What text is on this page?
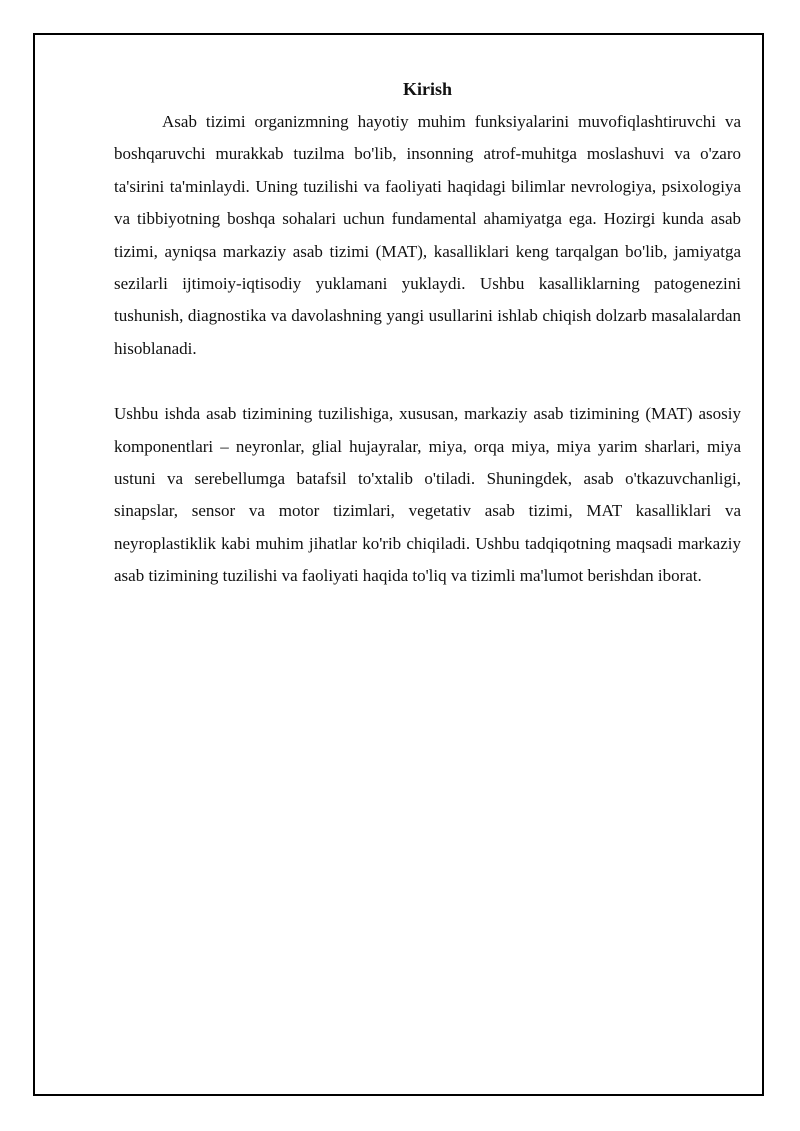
Kirish

Asab tizimi organizmning hayotiy muhim funksiyalarini muvofiqlashtiruvchi va boshqaruvchi murakkab tuzilma bo'lib, insonning atrof-muhitga moslashuvi va o'zaro ta'sirini ta'minlaydi. Uning tuzilishi va faoliyati haqidagi bilimlar nevrologiya, psixologiya va tibbiyotning boshqa sohalari uchun fundamental ahamiyatga ega. Hozirgi kunda asab tizimi, ayniqsa markaziy asab tizimi (MAT), kasalliklari keng tarqalgan bo'lib, jamiyatga sezilarli ijtimoiy-iqtisodiy yuklamani yuklaydi. Ushbu kasalliklarning patogenezini tushunish, diagnostika va davolashning yangi usullarini ishlab chiqish dolzarb masalalardan hisoblanadi.

Ushbu ishda asab tizimining tuzilishiga, xususan, markaziy asab tizimining (MAT) asosiy komponentlari – neyronlar, glial hujayralar, miya, orqa miya, miya yarim sharlari, miya ustuni va serebellumga batafsil to'xtalib o'tiladi. Shuningdek, asab o'tkazuvchanligi, sinapslar, sensor va motor tizimlari, vegetativ asab tizimi, MAT kasalliklari va neyroplastiklik kabi muhim jihatlar ko'rib chiqiladi. Ushbu tadqiqotning maqsadi markaziy asab tizimining tuzilishi va faoliyati haqida to'liq va tizimli ma'lumot berishdan iborat.
